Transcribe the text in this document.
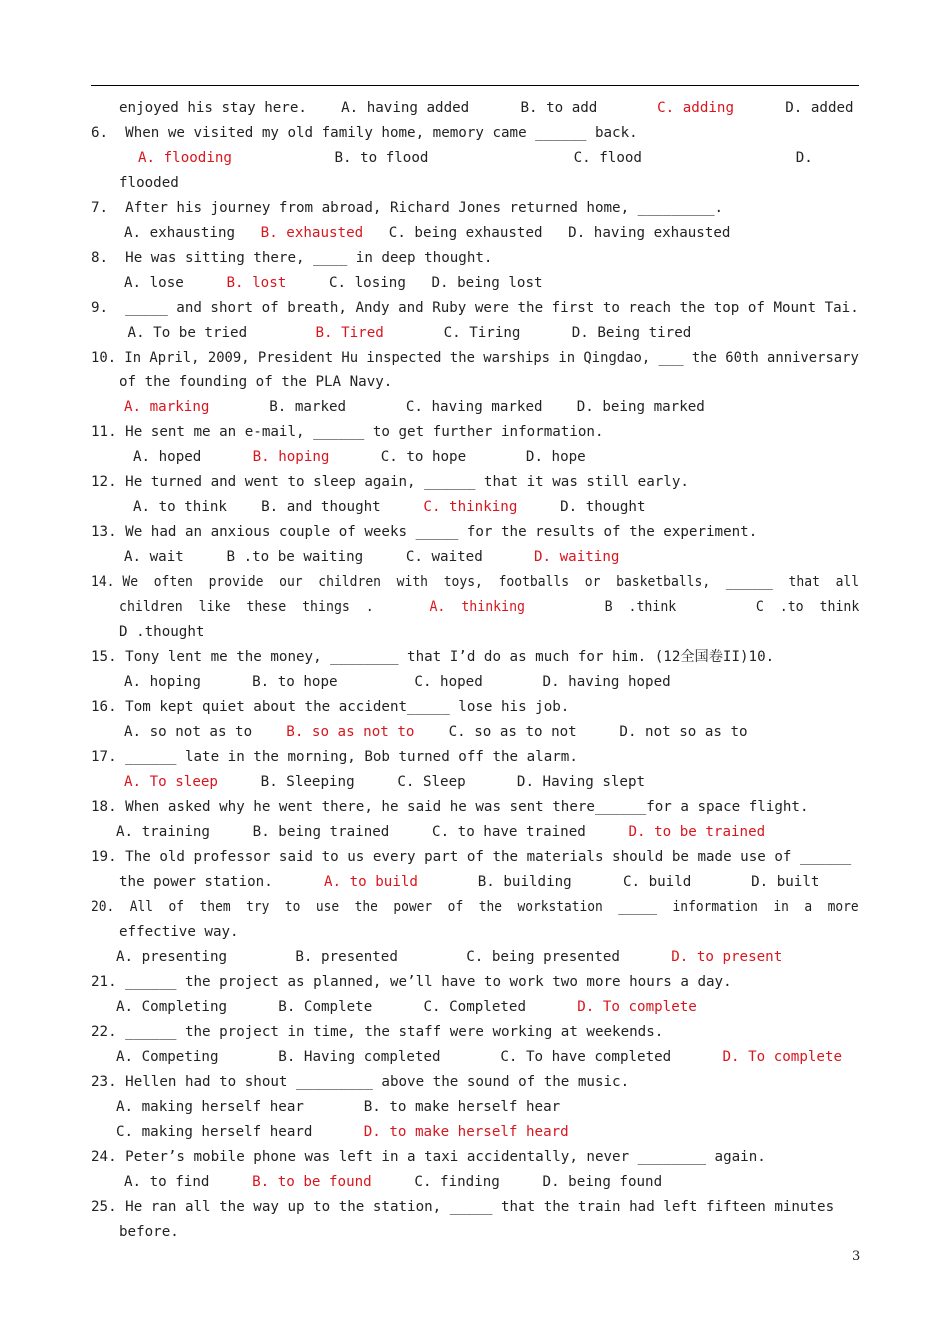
enjoyed his stay here.    A. having added      B. to add       C. adding      D. added
6.  When we visited my old family home, memory came ______ back.
A. flooding            B. to flood                 C. flood                  D.
flooded
7.  After his journey from abroad, Richard Jones returned home, _________.
A. exhausting   B. exhausted   C. being exhausted   D. having exhausted
8.  He was sitting there, ____ in deep thought.
A. lose     B. lost     C. losing   D. being lost
9.  _____ and short of breath, Andy and Ruby were the first to reach the top of Mount Tai.
A. To be tried        B. Tired       C. Tiring      D. Being tired
10. In April, 2009, President Hu inspected the warships in Qingdao, ___ the 60th anniversary
of the founding of the PLA Navy.
A. marking       B. marked       C. having marked    D. being marked
11. He sent me an e-mail, ______ to get further information.
A. hoped      B. hoping      C. to hope       D. hope
12. He turned and went to sleep again, ______ that it was still early.
A. to think    B. and thought     C. thinking     D. thought
13. We had an anxious couple of weeks _____ for the results of the experiment.
A. wait     B .to be waiting     C. waited      D. waiting
14. We  often  provide  our  children  with  toys,  footballs  or  basketballs,  ______  that  all
children  like  these  things  .       A.  thinking          B  .think          C  .to  think
D .thought
15. Tony lent me the money, ________ that I’d do as much for him. (12全国卷II)10.
A. hoping      B. to hope         C. hoped       D. having hoped
16. Tom kept quiet about the accident_____ lose his job.
A. so not as to    B. so as not to    C. so as to not     D. not so as to
17. ______ late in the morning, Bob turned off the alarm.
A. To sleep     B. Sleeping     C. Sleep      D. Having slept
18. When asked why he went there, he said he was sent there______for a space flight.
A. training     B. being trained     C. to have trained     D. to be trained
19. The old professor said to us every part of the materials should be made use of ______
the power station.      A. to build       B. building      C. build       D. built
20.  All  of  them  try  to  use  the  power  of  the  workstation  _____  information  in  a  more
effective way.
A. presenting        B. presented        C. being presented      D. to present
21. ______ the project as planned, we’ll have to work two more hours a day.
A. Completing      B. Complete      C. Completed      D. To complete
22. ______ the project in time, the staff were working at weekends.
A. Competing       B. Having completed       C. To have completed      D. To complete
23. Hellen had to shout _________ above the sound of the music.
A. making herself hear       B. to make herself hear
C. making herself heard      D. to make herself heard
24. Peter’s mobile phone was left in a taxi accidentally, never ________ again.
A. to find     B. to be found     C. finding     D. being found
25. He ran all the way up to the station, _____ that the train had left fifteen minutes
before.
3
